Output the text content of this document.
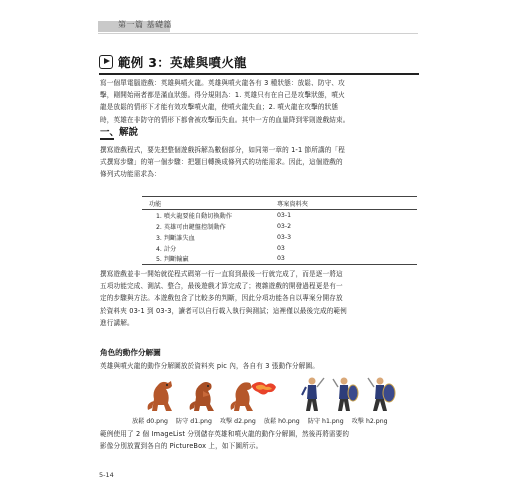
第一篇 基礎篇
範例 3：英雄與噴火龍
寫一個單電腦遊戲：英雄與噴火龍。英雄與噴火龍各有 3 種狀態：放鬆、防守、攻
擊，剛開始兩者都是滿血狀態。得分規則為：1. 英雄只有在自己是攻擊狀態，噴火
龍是放鬆的情形下才能有效攻擊噴火龍，使噴火龍失血；2. 噴火龍在攻擊的狀態
時，英雄在非防守的情形下都會被攻擊而失血。其中一方的血量降到零則遊戲結束。
一、解說
撰寫遊戲程式，要先把整個遊戲拆解為數個部分，如同第一章的 1-1 節所講的「程
式撰寫步驟」的第一個步驟：把題目轉換成條列式的功能需求。因此，這個遊戲的
條列式功能需求為：
功能	專案資料夾
1. 噴火龍要能自動切換動作	03-1
2. 英雄可由鍵盤控制動作	03-2
3. 判斷誰失血	03-3
4. 計分	03
5. 判斷輸贏	03
撰寫遊戲並非一開始就從程式碼第一行一直寫到最後一行就完成了，而是逐一將這
五項功能完成、測試、整合，最後遊戲才算完成了；複雜遊戲的開發過程更是有一
定的步驟與方法。本遊戲包含了比較多的判斷，因此分項功能各自以專案分開存放
於資料夾 03-1 到 03-3，讀者可以自行載入執行與測試；這裡僅以最後完成的範例
進行講解。
角色的動作分解圖
英雄與噴火龍的動作分解圖放於資料夾 pic 內，各自有 3 張動作分解圖。
放鬆 d0.png 防守 d1.png 攻擊 d2.png 放鬆 h0.png 防守 h1.png 攻擊 h2.png
範例使用了 2 個 ImageList 分別儲存英雄和噴火龍的動作分解圖，然後再將需要的
影像分別放置到各自的 PictureBox 上，如下圖所示。
5-14
